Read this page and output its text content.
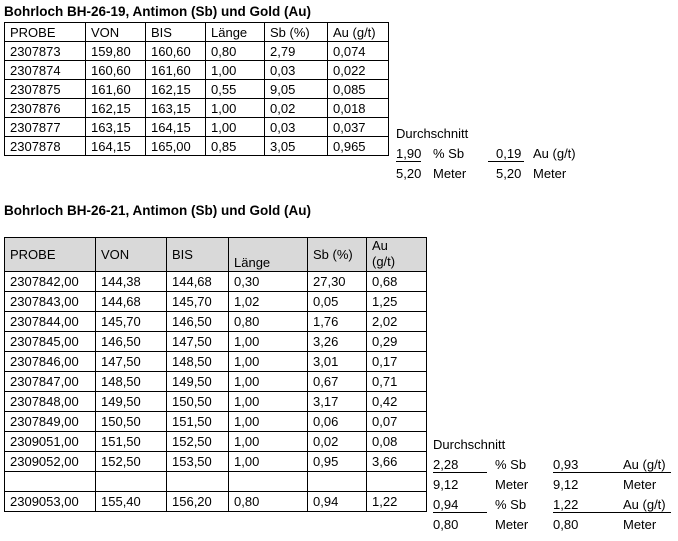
Bohrloch BH-26-19, Antimon (Sb) und Gold (Au)
PROBE	VON	BIS	Länge	Sb (%)	Au (g/t)
2307873	159,80	160,60	0,80	2,79	0,074
2307874	160,60	161,60	1,00	0,03	0,022
2307875	161,60	162,15	0,55	9,05	0,085
2307876	162,15	163,15	1,00	0,02	0,018
2307877	163,15	164,15	1,00	0,03	0,037
2307878	164,15	165,00	0,85	3,05	0,965
Durchschnitt
1,90 % Sb	0,19 Au (g/t)
5,20 Meter 5,20 Meter
Bohrloch BH-26-21, Antimon (Sb) und Gold (Au)
PROBE	VON	BIS	Länge	Sb (%)	Au
(g/t)
2307842,00	144,38	144,68	0,30	27,30	0,68
2307843,00	144,68	145,70	1,02	0,05	1,25
2307844,00	145,70	146,50	0,80	1,76	2,02
2307845,00	146,50	147,50	1,00	3,26	0,29
2307846,00	147,50	148,50	1,00	3,01	0,17
2307847,00	148,50	149,50	1,00	0,67	0,71
2307848,00	149,50	150,50	1,00	3,17	0,42
2307849,00	150,50	151,50	1,00	0,06	0,07
2309051,00	151,50	152,50	1,00	0,02	0,08
2309052,00	152,50	153,50	1,00	0,95	3,66

2309053,00	155,40	156,20	0,80	0,94	1,22
Durchschnitt
2,28	% Sb 0,93	Au (g/t)
9,12	Meter 9,12	Meter
0,94	% Sb 1,22	Au (g/t)
0,80	Meter 0,80	Meter
